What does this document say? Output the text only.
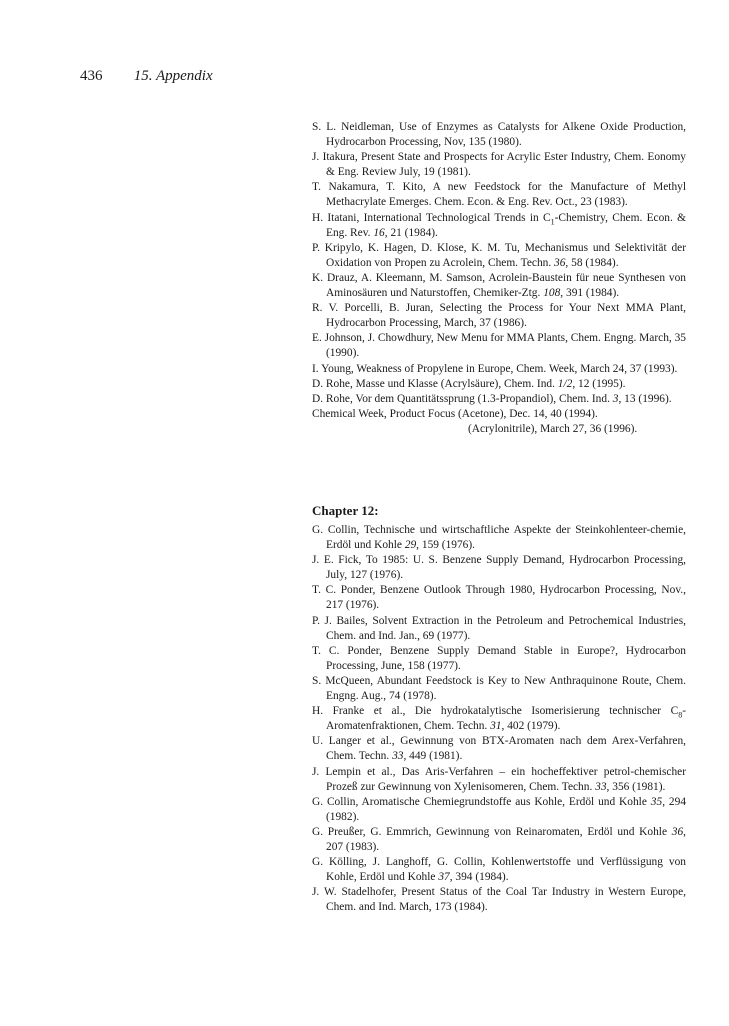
436 15. Appendix

S. L. Neidleman, Use of Enzymes as Catalysts for Alkene Oxide Production, Hydrocarbon Processing, Nov, 135 (1980).

J. Itakura, Present State and Prospects for Acrylic Ester Industry, Chem. Eonomy & Eng. Review July, 19 (1981).

T. Nakamura, T. Kito, A new Feedstock for the Manufacture of Methyl Methacrylate Emerges. Chem. Econ. & Eng. Rev. Oct., 23 (1983).

H. Itatani, International Technological Trends in $C_1$-Chemistry, Chem. Econ. & Eng. Rev. 16, 21 (1984).

P. Kripylo, K. Hagen, D. Klose, K. M. Tu, Mechanismus und Selektivität der Oxidation von Propen zu Acrolein, Chem. Techn. 36, 58 (1984).

K. Drauz, A. Kleemann, M. Samson, Acrolein-Baustein für neue Synthesen von Aminosäuren und Naturstoffen, Chemiker-Ztg. 108, 391 (1984).

R. V. Porcelli, B. Juran, Selecting the Process for Your Next MMA Plant, Hydrocarbon Processing, March, 37 (1986).

E. Johnson, J. Chowdhury, New Menu for MMA Plants, Chem. Engng. March, 35 (1990).

I. Young, Weakness of Propylene in Europe, Chem. Week, March 24, 37 (1993).

D. Rohe, Masse und Klasse (Acrylsäure), Chem. Ind. 1/2, 12 (1995).

D. Rohe, Vor dem Quantitätssprung (1.3-Propandiol), Chem. Ind. 3, 13 (1996).

Chemical Week, Product Focus (Acetone), Dec. 14, 40 (1994).

(Acrylonitrile), March 27, 36 (1996).

Chapter 12:

G. Collin, Technische und wirtschaftliche Aspekte der Steinkohlenteer-chemie, Erdöl und Kohle 29, 159 (1976).

J. E. Fick, To 1985: U. S. Benzene Supply Demand, Hydrocarbon Processing, July, 127 (1976).

T. C. Ponder, Benzene Outlook Through 1980, Hydrocarbon Processing, Nov., 217 (1976).

P. J. Bailes, Solvent Extraction in the Petroleum and Petrochemical Industries, Chem. and Ind. Jan., 69 (1977).

T. C. Ponder, Benzene Supply Demand Stable in Europe?, Hydrocarbon Processing, June, 158 (1977).

S. McQueen, Abundant Feedstock is Key to New Anthraquinone Route, Chem. Engng. Aug., 74 (1978).

H. Franke et al., Die hydrokatalytische Isomerisierung technischer $C_8$-Aromatenfraktionen, Chem. Techn. 31, 402 (1979).

U. Langer et al., Gewinnung von BTX-Aromaten nach dem Arex-Verfahren, Chem. Techn. 33, 449 (1981).

J. Lempin et al., Das Aris-Verfahren – ein hocheffektiver petrol-chemischer Prozeß zur Gewinnung von Xylenisomeren, Chem. Techn. 33, 356 (1981).

G. Collin, Aromatische Chemiegrundstoffe aus Kohle, Erdöl und Kohle 35, 294 (1982).

G. Preußer, G. Emmrich, Gewinnung von Reinaromaten, Erdöl und Kohle 36, 207 (1983).

G. Kölling, J. Langhoff, G. Collin, Kohlenwertstoffe und Verflüssigung von Kohle, Erdöl und Kohle 37, 394 (1984).

J. W. Stadelhofer, Present Status of the Coal Tar Industry in Western Europe, Chem. and Ind. March, 173 (1984).
